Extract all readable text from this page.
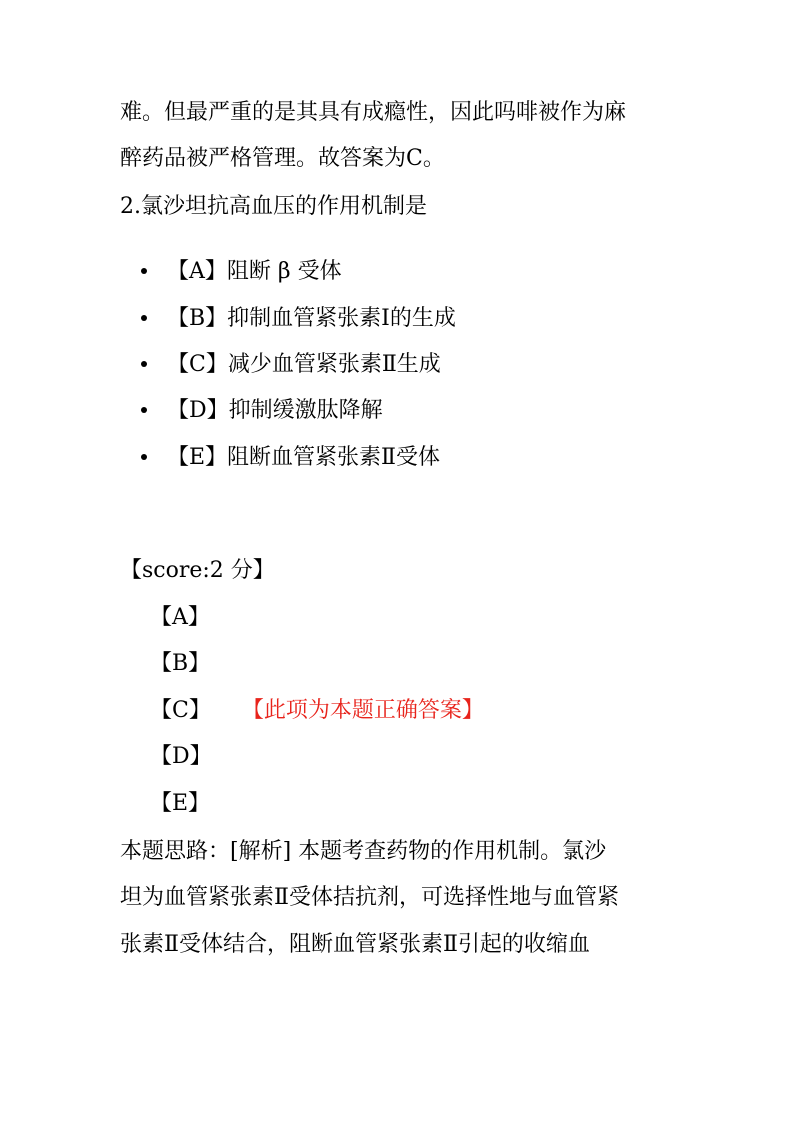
难。但最严重的是其具有成瘾性，因此吗啡被作为麻
醉药品被严格管理。故答案为C。
2.氯沙坦抗高血压的作用机制是
【A】阻断 β 受体
【B】抑制血管紧张素Ⅰ的生成
【C】减少血管紧张素Ⅱ生成
【D】抑制缓激肽降解
【E】阻断血管紧张素Ⅱ受体
【score:2 分】
【A】
【B】
【C】 【此项为本题正确答案】
【D】
【E】
本题思路：[解析] 本题考查药物的作用机制。氯沙
坦为血管紧张素Ⅱ受体拮抗剂，可选择性地与血管紧
张素Ⅱ受体结合，阻断血管紧张素Ⅱ引起的收缩血
